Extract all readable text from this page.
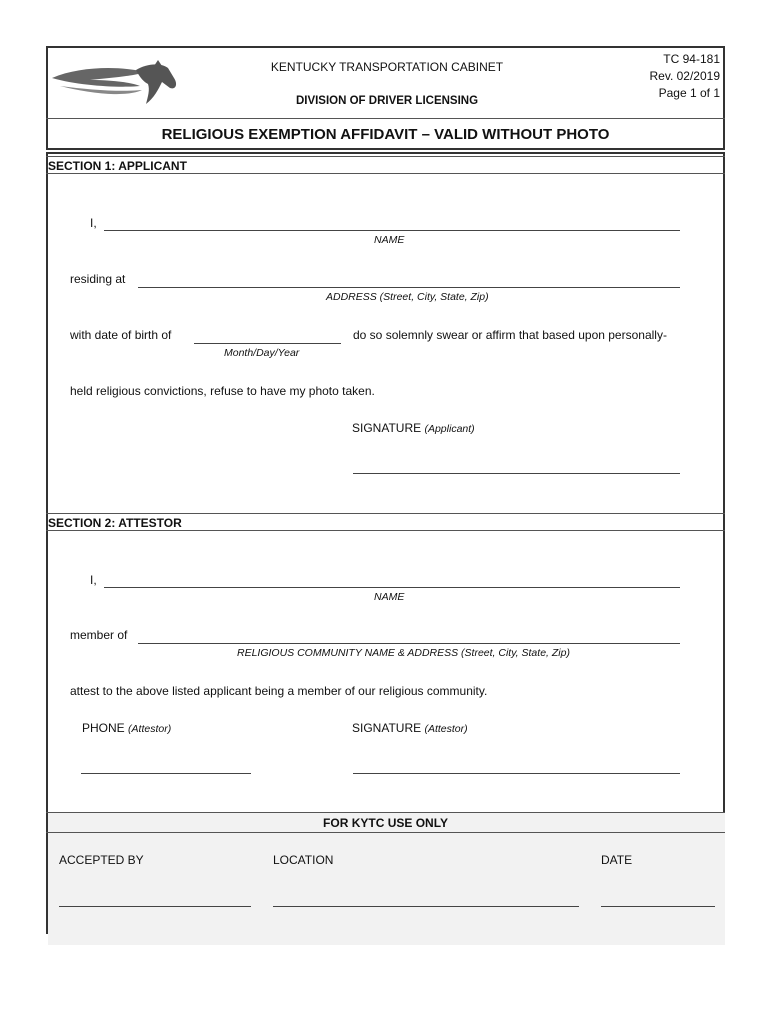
KENTUCKY TRANSPORTATION CABINET
DIVISION OF DRIVER LICENSING
TC 94-181
Rev. 02/2019
Page 1 of 1
RELIGIOUS EXEMPTION AFFIDAVIT – VALID WITHOUT PHOTO
SECTION 1: APPLICANT
I,
NAME
residing at
ADDRESS (Street, City, State, Zip)
with date of birth of
Month/Day/Year
do so solemnly swear or affirm that based upon personally-
held religious convictions, refuse to have my photo taken.
SIGNATURE (Applicant)
SECTION 2: ATTESTOR
I,
NAME
member of
RELIGIOUS COMMUNITY NAME & ADDRESS (Street, City, State, Zip)
attest to the above listed applicant being a member of our religious community.
PHONE (Attestor)	SIGNATURE (Attestor)
FOR KYTC USE ONLY
ACCEPTED BY	LOCATION	DATE
